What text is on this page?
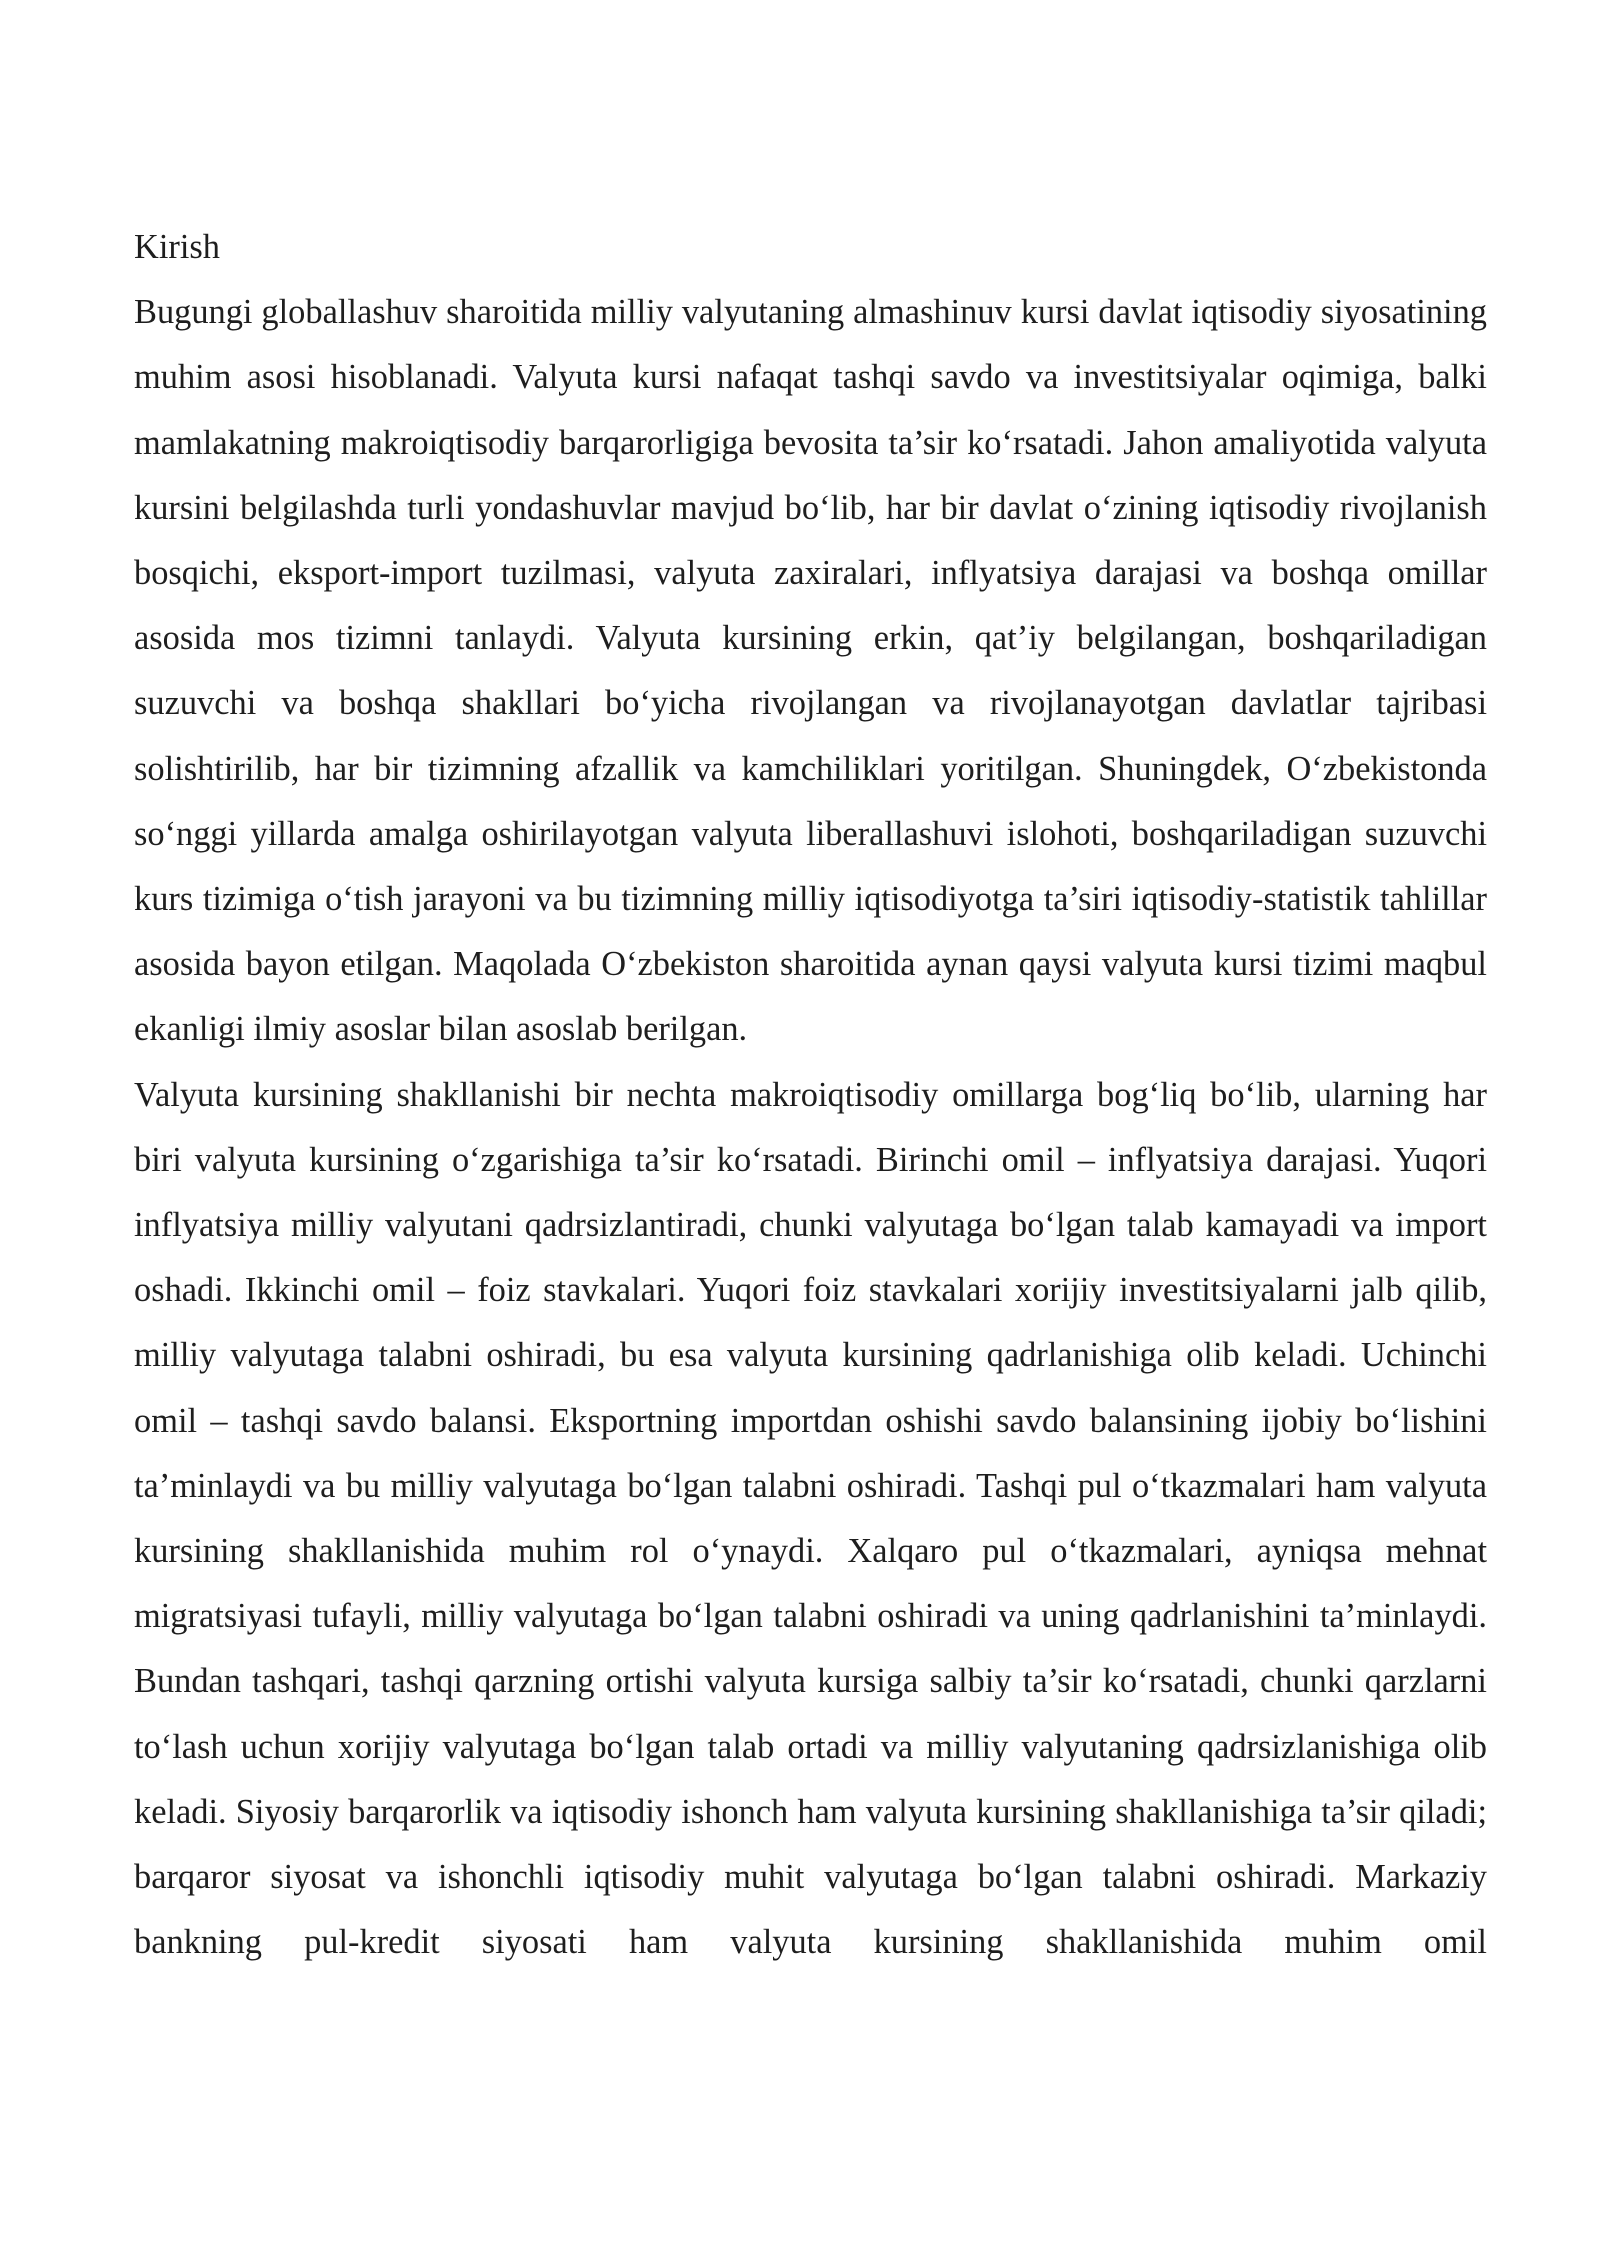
Kirish

Bugungi globallashuv sharoitida milliy valyutaning almashinuv kursi davlat iqtisodiy siyosatining muhim asosi hisoblanadi. Valyuta kursi nafaqat tashqi savdo va investitsiyalar oqimiga, balki mamlakatning makroiqtisodiy barqarorligiga bevosita ta’sir ko‘rsatadi. Jahon amaliyotida valyuta kursini belgilashda turli yondashuvlar mavjud bo‘lib, har bir davlat o‘zining iqtisodiy rivojlanish bosqichi, eksport-import tuzilmasi, valyuta zaxiralari, inflyatsiya darajasi va boshqa omillar asosida mos tizimni tanlaydi. Valyuta kursining erkin, qat’iy belgilangan, boshqariladigan suzuvchi va boshqa shakllari bo‘yicha rivojlangan va rivojlanayotgan davlatlar tajribasi solishtirilib, har bir tizimning afzallik va kamchiliklari yoritilgan. Shuningdek, O‘zbekistonda so‘nggi yillarda amalga oshirilayotgan valyuta liberallashuvi islohoti, boshqariladigan suzuvchi kurs tizimiga o‘tish jarayoni va bu tizimning milliy iqtisodiyotga ta’siri iqtisodiy-statistik tahlillar asosida bayon etilgan. Maqolada O‘zbekiston sharoitida aynan qaysi valyuta kursi tizimi maqbul ekanligi ilmiy asoslar bilan asoslab berilgan.

Valyuta kursining shakllanishi bir nechta makroiqtisodiy omillarga bog‘liq bo‘lib, ularning har biri valyuta kursining o‘zgarishiga ta’sir ko‘rsatadi. Birinchi omil – inflyatsiya darajasi. Yuqori inflyatsiya milliy valyutani qadrsizlantiradi, chunki valyutaga bo‘lgan talab kamayadi va import oshadi. Ikkinchi omil – foiz stavkalari. Yuqori foiz stavkalari xorijiy investitsiyalarni jalb qilib, milliy valyutaga talabni oshiradi, bu esa valyuta kursining qadrlanishiga olib keladi. Uchinchi omil – tashqi savdo balansi. Eksportning importdan oshishi savdo balansining ijobiy bo‘lishini ta’minlaydi va bu milliy valyutaga bo‘lgan talabni oshiradi. Tashqi pul o‘tkazmalari ham valyuta kursining shakllanishida muhim rol o‘ynaydi. Xalqaro pul o‘tkazmalari, ayniqsa mehnat migratsiyasi tufayli, milliy valyutaga bo‘lgan talabni oshiradi va uning qadrlanishini ta’minlaydi. Bundan tashqari, tashqi qarzning ortishi valyuta kursiga salbiy ta’sir ko‘rsatadi, chunki qarzlarni to‘lash uchun xorijiy valyutaga bo‘lgan talab ortadi va milliy valyutaning qadrsizlanishiga olib keladi. Siyosiy barqarorlik va iqtisodiy ishonch ham valyuta kursining shakllanishiga ta’sir qiladi; barqaror siyosat va ishonchli iqtisodiy muhit valyutaga bo‘lgan talabni oshiradi. Markaziy bankning pul-kredit siyosati ham valyuta kursining shakllanishida muhim omil
